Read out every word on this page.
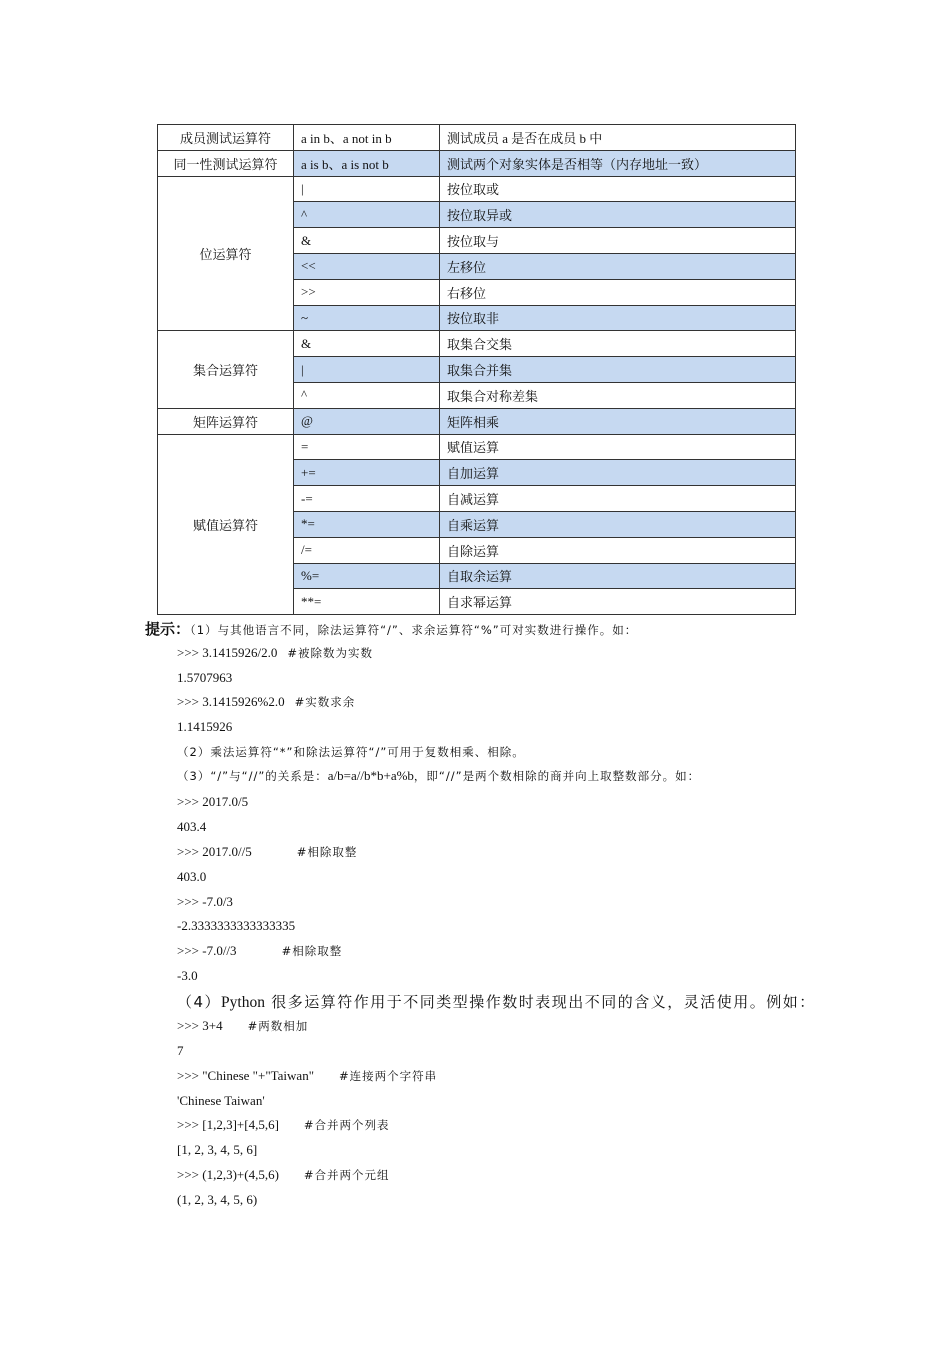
成员测试运算符	a in b、a not in b	测试成员 a 是否在成员 b 中
同一性测试运算符	a is b、a is not b	测试两个对象实体是否相等（内存地址一致）
位运算符	|	按位取或
	^	按位取异或
	&	按位取与
	<<	左移位
	>>	右移位
	~	按位取非
集合运算符	&	取集合交集
	|	取集合并集
	^	取集合对称差集
矩阵运算符	@	矩阵相乘
赋值运算符	=	赋值运算
	+=	自加运算
	-=	自减运算
	*=	自乘运算
	/=	自除运算
	%=	自取余运算
	**=	自求幂运算
提示：（1）与其他语言不同，除法运算符“/”、求余运算符“%”可对实数进行操作。如：
>>> 3.1415926/2.0 #被除数为实数
1.5707963
>>> 3.1415926%2.0 #实数求余
1.1415926
（2）乘法运算符“*”和除法运算符“/”可用于复数相乘、相除。
（3）“/”与“//”的关系是：a/b=a//b*b+a%b，即“//”是两个数相除的商并向上取整数部分。如：
>>> 2017.0/5
403.4
>>> 2017.0//5	#相除取整
403.0
>>> -7.0/3
-2.3333333333333335
>>> -7.0//3	#相除取整
-3.0
（4）Python 很多运算符作用于不同类型操作数时表现出不同的含义，灵活使用。例如：
>>> 3+4 #两数相加
7
>>> "Chinese "+"Taiwan" #连接两个字符串
'Chinese Taiwan'
>>> [1,2,3]+[4,5,6] #合并两个列表
[1, 2, 3, 4, 5, 6]
>>> (1,2,3)+(4,5,6) #合并两个元组
(1, 2, 3, 4, 5, 6)
